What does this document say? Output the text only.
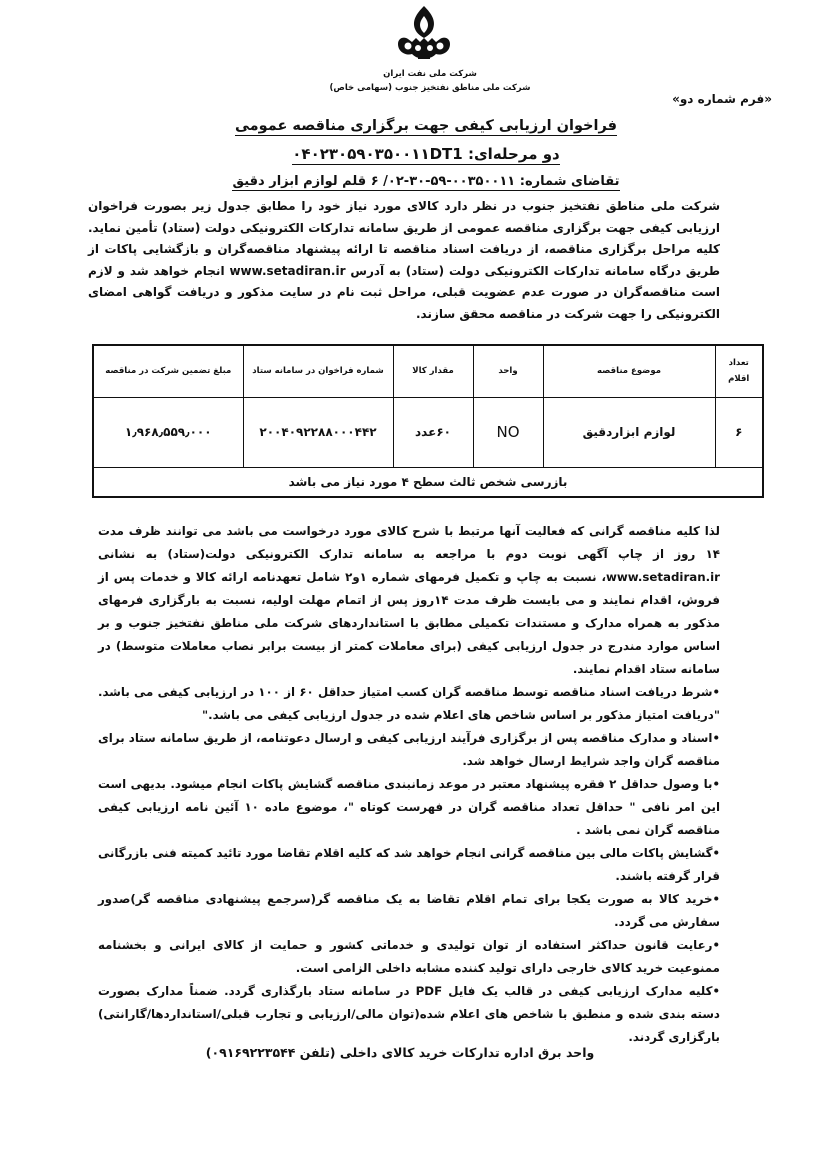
شرکت ملی نفت ایران
شرکت ملی مناطق نفتخیز جنوب (سهامی خاص)
«فرم شماره دو»
فراخوان ارزیابی کیفی جهت برگزاری مناقصه عمومی
دو مرحله‌ای: ۰۴۰۲۳۰۵۹۰۳۵۰۰۱۱DT1
تقاضای شماره: ۰۰۳۵۰۰۱۱-۵۹-۳۰-۰۲/ ۶ قلم لوازم ابزار دقیق
شرکت ملی مناطق نفتخیز جنوب در نظر دارد کالای مورد نیاز خود را مطابق جدول زیر بصورت فراخوان ارزیابی کیفی جهت برگزاری مناقصه عمومی از طریق سامانه تدارکات الکترونیکی دولت (ستاد) تأمین نماید. کلیه مراحل برگزاری مناقصه، از دریافت اسناد مناقصه تا ارائه پیشنهاد مناقصه‌گران و بازگشایی پاکات از طریق درگاه سامانه تدارکات الکترونیکی دولت (ستاد) به آدرس www.setadiran.ir انجام خواهد شد و لازم است مناقصه‌گران در صورت عدم عضویت قبلی، مراحل ثبت نام در سایت مذکور و دریافت گواهی امضای الکترونیکی را جهت شرکت در مناقصه محقق سازند.
تعداد اقلام	موضوع مناقصه	واحد	مقدار کالا	شماره فراخوان در سامانه ستاد	مبلغ تضمین شرکت در مناقصه
۶	لوازم ابزاردقیق	NO	۶۰عدد	۲۰۰۴۰۹۲۲۸۸۰۰۰۴۴۲	۱٫۹۶۸٫۵۵۹٫۰۰۰
بازرسی شخص ثالث سطح ۴ مورد نیاز می باشد					

لذا کلیه مناقصه گرانی که فعالیت آنها مرتبط با شرح کالای مورد درخواست می باشد می توانند ظرف مدت ۱۴ روز از چاپ آگهی نوبت دوم با مراجعه به سامانه تدارک الکترونیکی دولت(ستاد) به نشانی www.setadiran.ir، نسبت به چاپ و تکمیل فرمهای شماره ۱و۲ شامل تعهدنامه ارائه کالا و خدمات پس از فروش، اقدام نمایند و می بایست ظرف مدت ۱۴روز پس از اتمام مهلت اولیه، نسبت به بارگزاری فرمهای مذکور به همراه مدارک و مستندات تکمیلی مطابق با استانداردهای شرکت ملی مناطق نفتخیز جنوب و بر اساس موارد مندرج در جدول ارزیابی کیفی (برای معاملات کمتر از بیست برابر نصاب معاملات متوسط) در سامانه ستاد اقدام نمایند.

•شرط دریافت اسناد مناقصه توسط مناقصه گران کسب امتیاز حداقل ۶۰ از ۱۰۰ در ارزیابی کیفی می باشد. "دریافت امتیاز مذکور بر اساس شاخص های اعلام شده در جدول ارزیابی کیفی می باشد."

•اسناد و مدارک مناقصه پس از برگزاری فرآیند ارزیابی کیفی و ارسال دعوتنامه، از طریق سامانه ستاد برای مناقصه گران واجد شرایط ارسال خواهد شد.

•با وصول حداقل ۲ فقره پیشنهاد معتبر در موعد زمانبندی مناقصه گشایش پاکات انجام میشود. بدیهی است این امر نافی " حداقل تعداد مناقصه گران در فهرست کوتاه "، موضوع ماده ۱۰ آئین نامه ارزیابی کیفی مناقصه گران نمی باشد .

•گشایش پاکات مالی بین مناقصه گرانی انجام خواهد شد که کلیه اقلام تقاضا مورد تائید کمیته فنی بازرگانی قرار گرفته باشند.

•خرید کالا به صورت یکجا برای تمام اقلام تقاضا به یک مناقصه گر(سرجمع پیشنهادی مناقصه گر)صدور سفارش می گردد.

•رعایت قانون حداکثر استفاده از توان تولیدی و خدماتی کشور و حمایت از کالای ایرانی و بخشنامه ممنوعیت خرید کالای خارجی دارای تولید کننده مشابه داخلی الزامی است.

•کلیه مدارک ارزیابی کیفی در قالب یک فایل PDF در سامانه ستاد بارگذاری گردد. ضمناً مدارک بصورت دسته بندی شده و منطبق با شاخص های اعلام شده(توان مالی/ارزیابی و تجارب قبلی/استانداردها/گارانتی) بارگزاری گردند.

واحد برق اداره تدارکات خرید کالای داخلی (تلفن ۰۹۱۶۹۲۲۳۵۴۴)
